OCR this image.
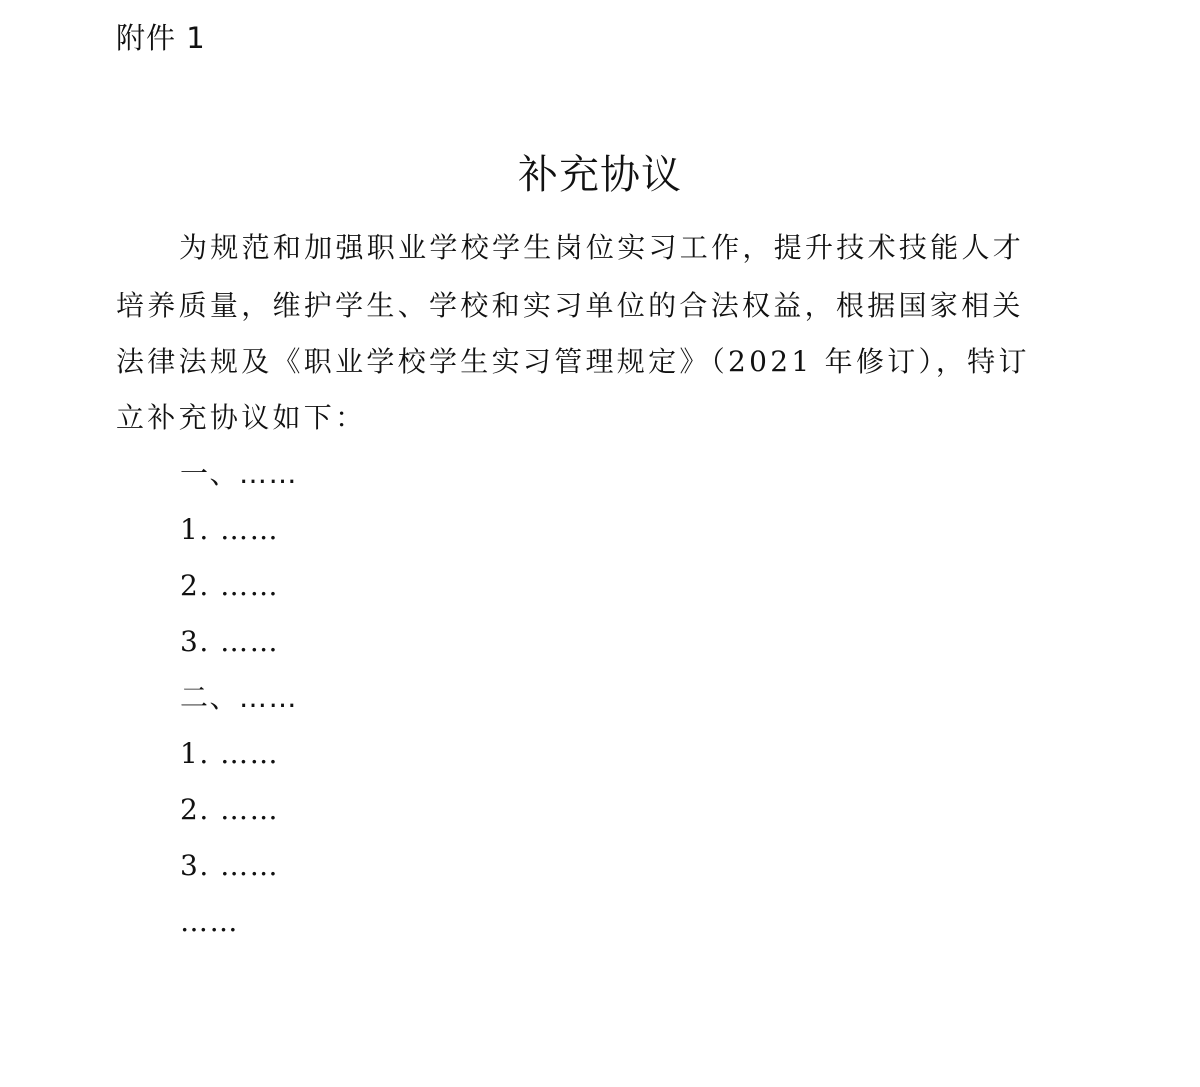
附件 1
补充协议
为规范和加强职业学校学生岗位实习工作，提升技术技能人才
培养质量，维护学生、学校和实习单位的合法权益，根据国家相关
法律法规及《职业学校学生实习管理规定》（2021 年修订），特订
立补充协议如下：
一、……
1. ……
2. ……
3. ……
二、……
1. ……
2. ……
3. ……
……
